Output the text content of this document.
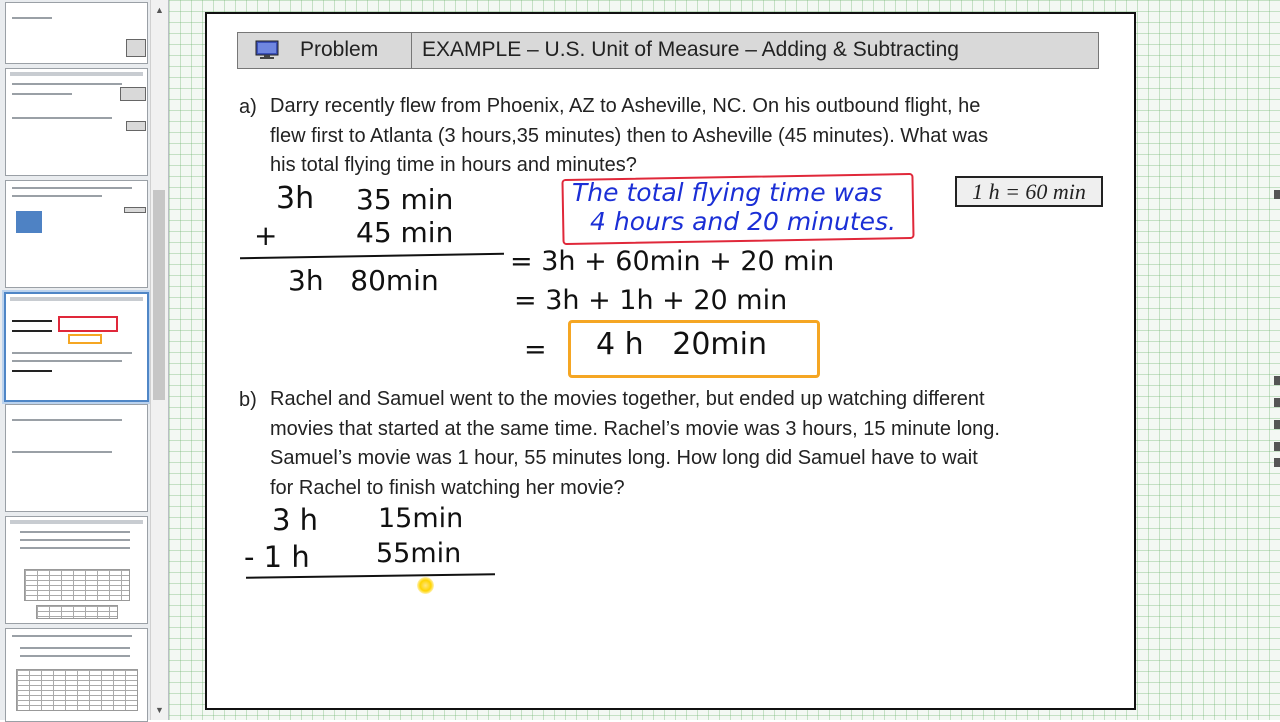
▲
▼
Problem EXAMPLE – U.S. Unit of Measure – Adding & Subtracting
a) Darry recently flew from Phoenix, AZ to Asheville, NC. On his outbound flight, he
flew first to Atlanta (3 hours,35 minutes) then to Asheville (45 minutes). What was
his total flying time in hours and minutes?
1 h = 60 min
3h 35 min
+	45 min
3h   80min
= 3h + 60min + 20 min
= 3h + 1h + 20 min
= 4 h   20min
The total flying time was
4 hours and 20 minutes.
b) Rachel and Samuel went to the movies together, but ended up watching different
movies that started at the same time. Rachel’s movie was 3 hours, 15 minute long.
Samuel’s movie was 1 hour, 55 minutes long. How long did Samuel have to wait
for Rachel to finish watching her movie?
3 h 15min
- 1 h 55min
